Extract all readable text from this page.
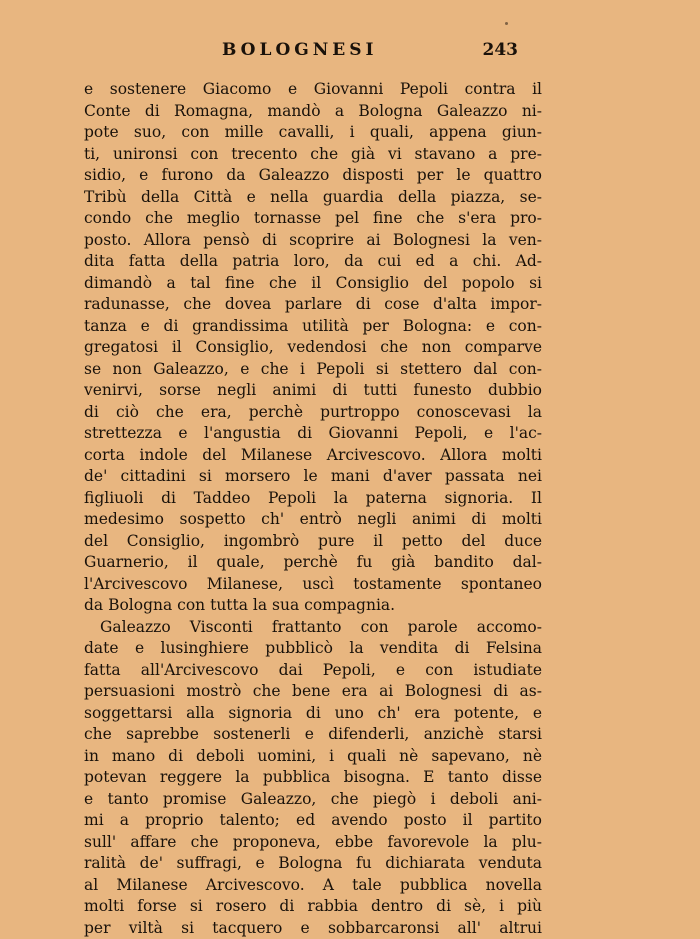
BOLOGNESI	243
e sostenere Giacomo e Giovanni Pepoli contra il
Conte di Romagna, mandò a Bologna Galeazzo ni-
pote suo, con mille cavalli, i quali, appena giun-
ti, unironsi con trecento che già vi stavano a pre-
sidio, e furono da Galeazzo disposti per le quattro
Tribù della Città e nella guardia della piazza, se-
condo che meglio tornasse pel fine che s'era pro-
posto. Allora pensò di scoprire ai Bolognesi la ven-
dita fatta della patria loro, da cui ed a chi. Ad-
dimandò a tal fine che il Consiglio del popolo si
radunasse, che dovea parlare di cose d'alta impor-
tanza e di grandissima utilità per Bologna: e con-
gregatosi il Consiglio, vedendosi che non comparve
se non Galeazzo, e che i Pepoli si stettero dal con-
venirvi, sorse negli animi di tutti funesto dubbio
di ciò che era, perchè purtroppo conoscevasi la
strettezza e l'angustia di Giovanni Pepoli, e l'ac-
corta indole del Milanese Arcivescovo. Allora molti
de' cittadini si morsero le mani d'aver passata nei
figliuoli di Taddeo Pepoli la paterna signoria. Il
medesimo sospetto ch' entrò negli animi di molti
del Consiglio, ingombrò pure il petto del duce
Guarnerio, il quale, perchè fu già bandito dal-
l'Arcivescovo Milanese, uscì tostamente spontaneo
da Bologna con tutta la sua compagnia.
Galeazzo Visconti frattanto con parole accomo-
date e lusinghiere pubblicò la vendita di Felsina
fatta all'Arcivescovo dai Pepoli, e con istudiate
persuasioni mostrò che bene era ai Bolognesi di as-
soggettarsi alla signoria di uno ch' era potente, e
che saprebbe sostenerli e difenderli, anzichè starsi
in mano di deboli uomini, i quali nè sapevano, nè
potevan reggere la pubblica bisogna. E tanto disse
e tanto promise Galeazzo, che piegò i deboli ani-
mi a proprio talento; ed avendo posto il partito
sull' affare che proponeva, ebbe favorevole la plu-
ralità de' suffragi, e Bologna fu dichiarata venduta
al Milanese Arcivescovo. A tale pubblica novella
molti forse si rosero di rabbia dentro di sè, i più
per viltà si tacquero e sobbarcaronsi all' altrui
